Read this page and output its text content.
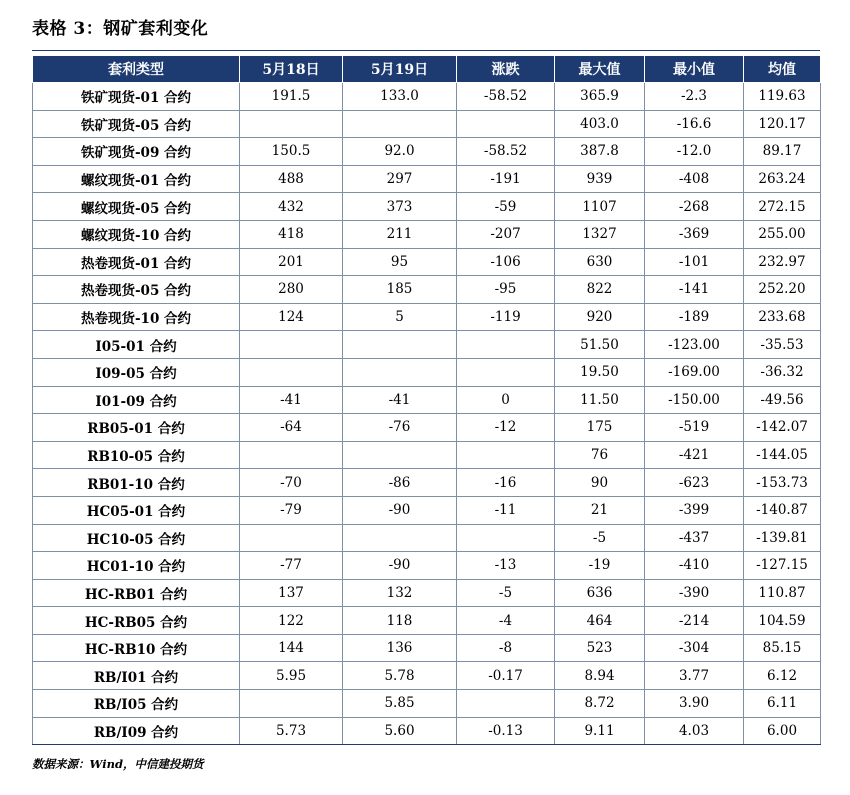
表格 3：钢矿套利变化
套利类型	5月18日	5月19日	涨跌	最大值	最小值	均值
铁矿现货-01 合约	191.5	133.0	-58.52	365.9	-2.3	119.63
铁矿现货-05 合约				403.0	-16.6	120.17
铁矿现货-09 合约	150.5	92.0	-58.52	387.8	-12.0	89.17
螺纹现货-01 合约	488	297	-191	939	-408	263.24
螺纹现货-05 合约	432	373	-59	1107	-268	272.15
螺纹现货-10 合约	418	211	-207	1327	-369	255.00
热卷现货-01 合约	201	95	-106	630	-101	232.97
热卷现货-05 合约	280	185	-95	822	-141	252.20
热卷现货-10 合约	124	5	-119	920	-189	233.68
I05-01 合约				51.50	-123.00	-35.53
I09-05 合约				19.50	-169.00	-36.32
I01-09 合约	-41	-41	0	11.50	-150.00	-49.56
RB05-01 合约	-64	-76	-12	175	-519	-142.07
RB10-05 合约				76	-421	-144.05
RB01-10 合约	-70	-86	-16	90	-623	-153.73
HC05-01 合约	-79	-90	-11	21	-399	-140.87
HC10-05 合约				-5	-437	-139.81
HC01-10 合约	-77	-90	-13	-19	-410	-127.15
HC-RB01 合约	137	132	-5	636	-390	110.87
HC-RB05 合约	122	118	-4	464	-214	104.59
HC-RB10 合约	144	136	-8	523	-304	85.15
RB/I01 合约	5.95	5.78	-0.17	8.94	3.77	6.12
RB/I05 合约		5.85		8.72	3.90	6.11
RB/I09 合约	5.73	5.60	-0.13	9.11	4.03	6.00
数据来源：Wind，中信建投期货
